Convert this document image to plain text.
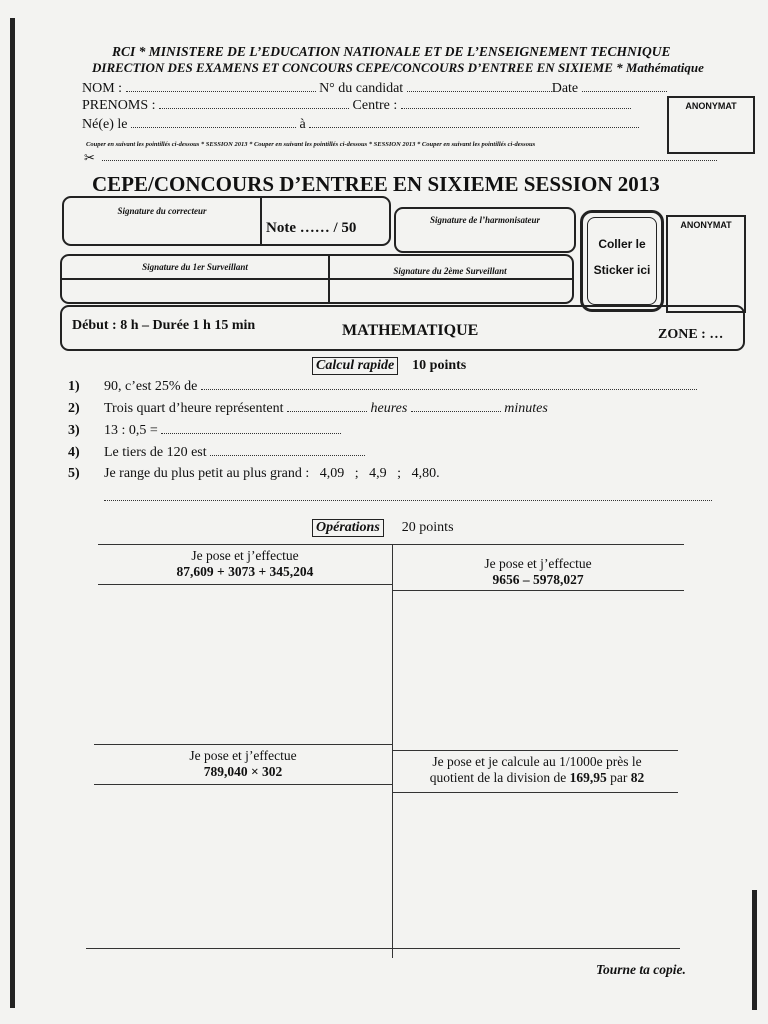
RCI * MINISTERE DE L’EDUCATION NATIONALE ET DE L’ENSEIGNEMENT TECHNIQUE
DIRECTION DES EXAMENS ET CONCOURS CEPE/CONCOURS D’ENTREE EN SIXIEME * Mathématique
NOM :	N° du candidat	Date
PRENOMS :	Centre :
Né(e) le	à
ANONYMAT
Couper en suivant les pointillés ci-dessous * SESSION 2013 * Couper en suivant les pointillés ci-dessous * SESSION 2013 * Couper en suivant les pointillés ci-dessous
✂
CEPE/CONCOURS D’ENTREE EN SIXIEME SESSION 2013
Signature du correcteur
Note …… / 50	Signature de l’harmonisateur
Coller le Sticker ici
ANONYMAT
Signature du 1er Surveillant	Signature du 2ème Surveillant
Début : 8 h – Durée 1 h 15 min	MATHEMATIQUE	ZONE : …
Calcul rapide 10 points
1) 90, c’est 25% de
2) Trois quart d’heure représentent	heures	minutes
3) 13 : 0,5 =
4) Le tiers de 120 est
5) Je range du plus petit au plus grand :   4,09   ;   4,9   ;   4,80.
Opérations 20 points
Je pose et j’effectue
87,609 + 3073 + 345,204
Je pose et j’effectue
9656 – 5978,027
Je pose et j’effectue
789,040 × 302
Je pose et je calcule au 1/1000e près le
quotient de la division de 169,95 par 82
Tourne ta copie.
